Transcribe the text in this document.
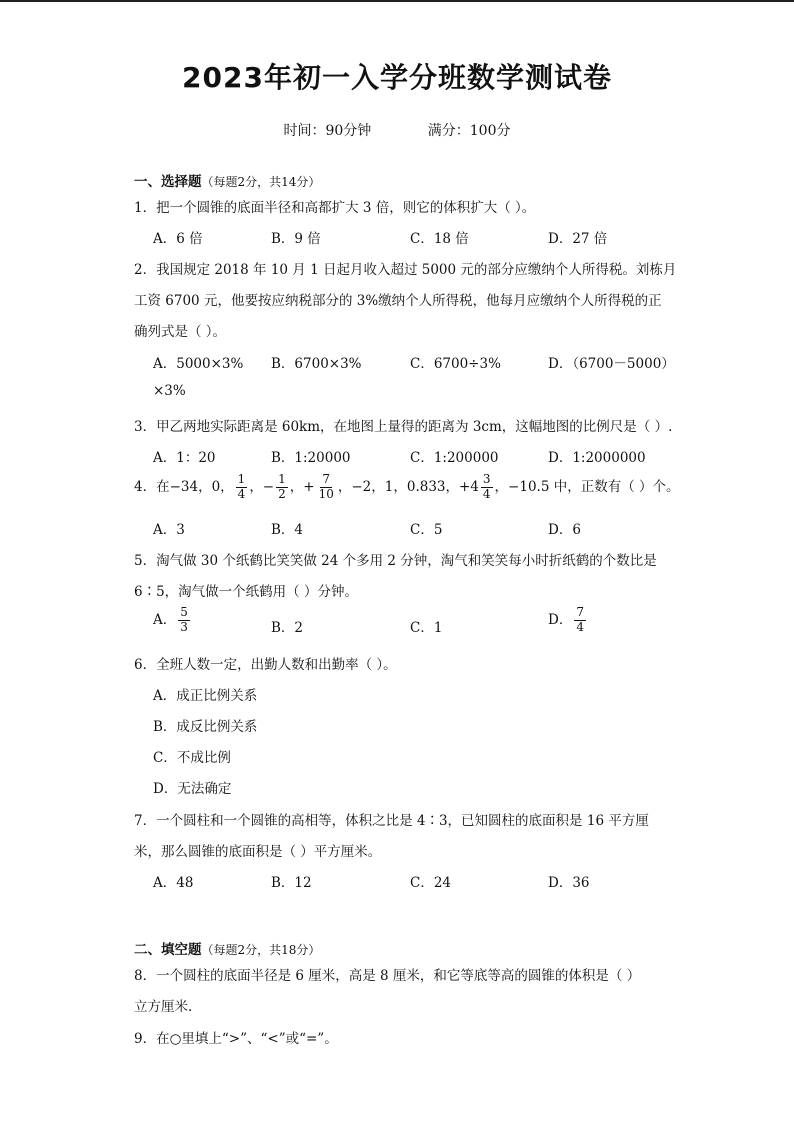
2023年初一入学分班数学测试卷
时间：90分钟	满分：100分
一、选择题（每题2分，共14分）
1．把一个圆锥的底面半径和高都扩大 3 倍，则它的体积扩大（ ）。
A．6 倍	B．9 倍	C．18 倍	D．27 倍
2．我国规定 2018 年 10 月 1 日起月收入超过 5000 元的部分应缴纳个人所得税。刘栋月
工资 6700 元，他要按应纳税部分的 3%缴纳个人所得税，他每月应缴纳个人所得税的正
确列式是（ ）。
A．5000×3% B．6700×3%	C．6700÷3%	D．（6700－5000）
×3%
3．甲乙两地实际距离是 60km，在地图上量得的距离为 3cm，这幅地图的比例尺是（ ）.
A．1：20	B．1:20000	C．1:200000	D．1:2000000
4．在−34，0， $\frac{1}{4}$ ，− $\frac{1}{2}$ ，+ $\frac{7}{10}$ ，−2，1，0.833，$+4 \frac{3}{4}$ ，−10.5 中，正数有（ ）个。
A．3	B．4	C．5	D．6
5．淘气做 30 个纸鹤比笑笑做 24 个多用 2 分钟，淘气和笑笑每小时折纸鹤的个数比是
6∶5，淘气做一个纸鹤用（ ）分钟。
A． $\frac{5}{3}$	B．2	C．1
D． $\frac{7}{4}$
6．全班人数一定，出勤人数和出勤率（ ）。
A．成正比例关系
B．成反比例关系
C．不成比例
D．无法确定
7．一个圆柱和一个圆锥的高相等，体积之比是 4∶3，已知圆柱的底面积是 16 平方厘
米，那么圆锥的底面积是（ ）平方厘米。
A．48	B．12	C．24	D．36
二、填空题（每题2分，共18分）
8．一个圆柱的底面半径是 6 厘米，高是 8 厘米，和它等底等高的圆锥的体积是（ ）
立方厘米.
9．在○里填上“>”、“<”或“=”。
